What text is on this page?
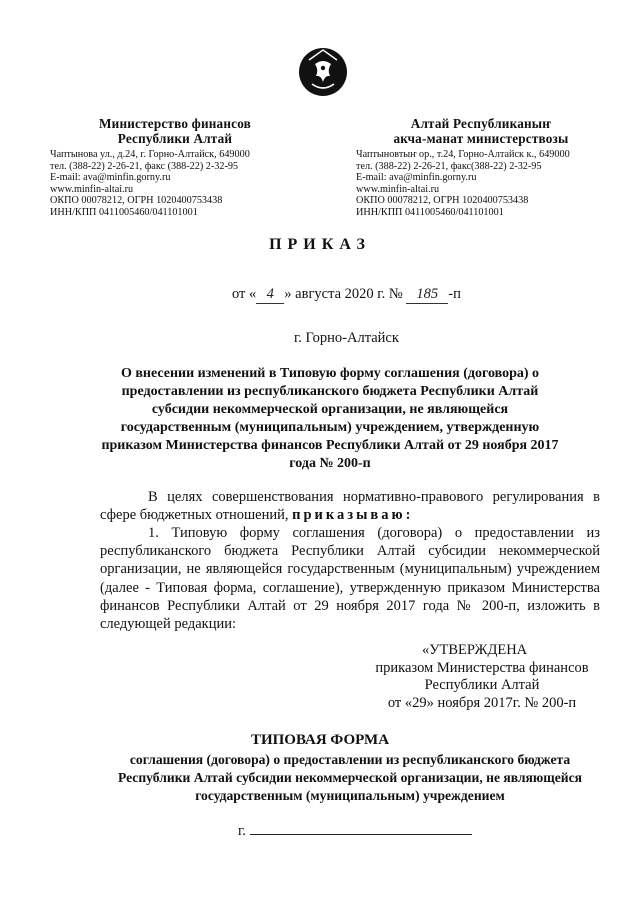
Министерство финансов
Республики Алтай
Чаптынова ул., д.24, г. Горно-Алтайск, 649000
тел. (388-22) 2-26-21, факс (388-22) 2-32-95
E-mail: ava@minfin.gorny.ru
www.minfin-altai.ru
ОКПО 00078212, ОГРН 1020400753438
ИНН/КПП 0411005460/041101001
Алтай Республиканыҥ
акча-манат министерствозы
Чаптыновтыҥ ор., т.24, Горно-Алтайск к., 649000
тел. (388-22) 2-26-21, факс(388-22) 2-32-95
E-mail: ava@minfin.gorny.ru
www.minfin-altai.ru
ОКПО 00078212, ОГРН 1020400753438
ИНН/КПП 0411005460/041101001
ПРИКАЗ
от « 4 » августа 2020 г. № 185 -п
г. Горно-Алтайск
О внесении изменений в Типовую форму соглашения (договора) о предоставлении из республиканского бюджета Республики Алтай субсидии некоммерческой организации, не являющейся государственным (муниципальным) учреждением, утвержденную приказом Министерства финансов Республики Алтай от 29 ноября 2017 года № 200-п
В целях совершенствования нормативно-правового регулирования в сфере бюджетных отношений, приказываю:
1. Типовую форму соглашения (договора) о предоставлении из республиканского бюджета Республики Алтай субсидии некоммерческой организации, не являющейся государственным (муниципальным) учреждением (далее - Типовая форма, соглашение), утвержденную приказом Министерства финансов Республики Алтай от 29 ноября 2017 года № 200-п, изложить в следующей редакции:
«УТВЕРЖДЕНА
приказом Министерства финансов
Республики Алтай
от «29» ноября 2017г. № 200-п
ТИПОВАЯ ФОРМА
соглашения (договора) о предоставлении из республиканского бюджета Республики Алтай субсидии некоммерческой организации, не являющейся государственным (муниципальным) учреждением
г.
